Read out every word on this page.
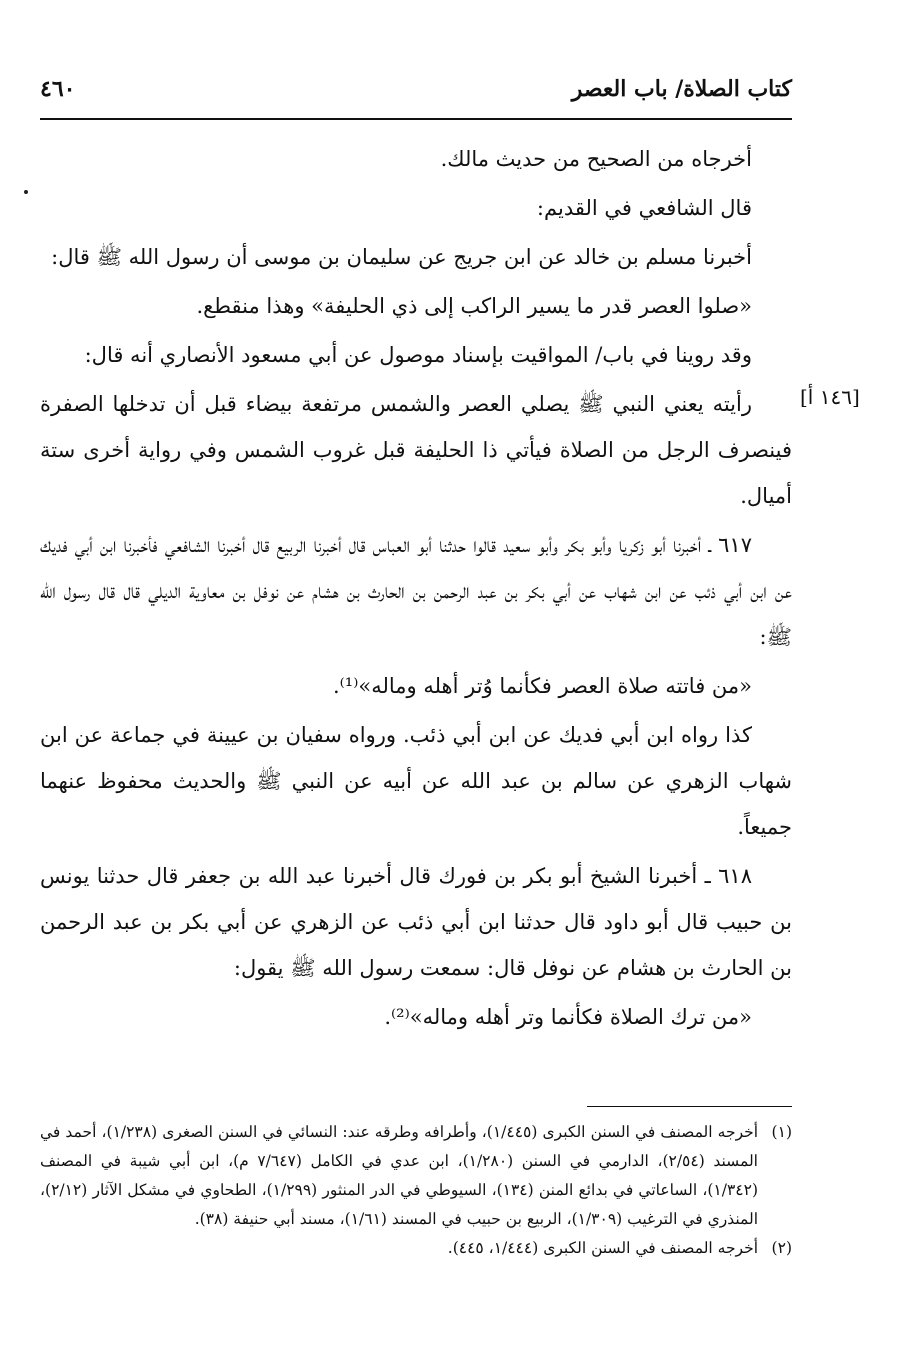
كتاب الصلاة/ باب العصر
٤٦٠
[١٤٦ أ]

أخرجاه من الصحيح من حديث مالك.

قال الشافعي في القديم:

أخبرنا مسلم بن خالد عن ابن جريج عن سليمان بن موسى أن رسول الله ﷺ قال:

«صلوا العصر قدر ما يسير الراكب إلى ذي الحليفة» وهذا منقطع.

وقد روينا في باب/ المواقيت بإسناد موصول عن أبي مسعود الأنصاري أنه قال:

رأيته يعني النبي ﷺ يصلي العصر والشمس مرتفعة بيضاء قبل أن تدخلها الصفرة فينصرف الرجل من الصلاة فيأتي ذا الحليفة قبل غروب الشمس وفي رواية أخرى ستة أميال.

٦١٧ ـ أخبرنا أبو زكريا وأبو بكر وأبو سعيد قالوا حدثنا أبو العباس قال أخبرنا الربيع قال أخبرنا الشافعي فأخبرنا ابن أبي فديك عن ابن أبي ذئب عن ابن شهاب عن أبي بكر بن عبد الرحمن بن الحارث بن هشام عن نوفل بن معاوية الديلي قال قال رسول الله ﷺ:

«من فاتته صلاة العصر فكأنما وُتر أهله وماله»⁽¹⁾.

كذا رواه ابن أبي فديك عن ابن أبي ذئب. ورواه سفيان بن عيينة في جماعة عن ابن شهاب الزهري عن سالم بن عبد الله عن أبيه عن النبي ﷺ والحديث محفوظ عنهما جميعاً.

٦١٨ ـ أخبرنا الشيخ أبو بكر بن فورك قال أخبرنا عبد الله بن جعفر قال حدثنا يونس بن حبيب قال أبو داود قال حدثنا ابن أبي ذئب عن الزهري عن أبي بكر بن عبد الرحمن بن الحارث بن هشام عن نوفل قال: سمعت رسول الله ﷺ يقول:

«من ترك الصلاة فكأنما وتر أهله وماله»⁽²⁾.

(١)
أخرجه المصنف في السنن الكبرى (١/٤٤٥)، وأطرافه وطرقه عند: النسائي في السنن الصغرى (١/٢٣٨)، أحمد في المسند (٢/٥٤)، الدارمي في السنن (١/٢٨٠)، ابن عدي في الكامل (٧/٦٤٧ م)، ابن أبي شيبة في المصنف (١/٣٤٢)، الساعاتي في بدائع المنن (١٣٤)، السيوطي في الدر المنثور (١/٢٩٩)، الطحاوي في مشكل الآثار (٢/١٢)، المنذري في الترغيب (١/٣٠٩)، الربيع بن حبيب في المسند (١/٦١)، مسند أبي حنيفة (٣٨).

(٢)
أخرجه المصنف في السنن الكبرى (١/٤٤٤، ٤٤٥).
